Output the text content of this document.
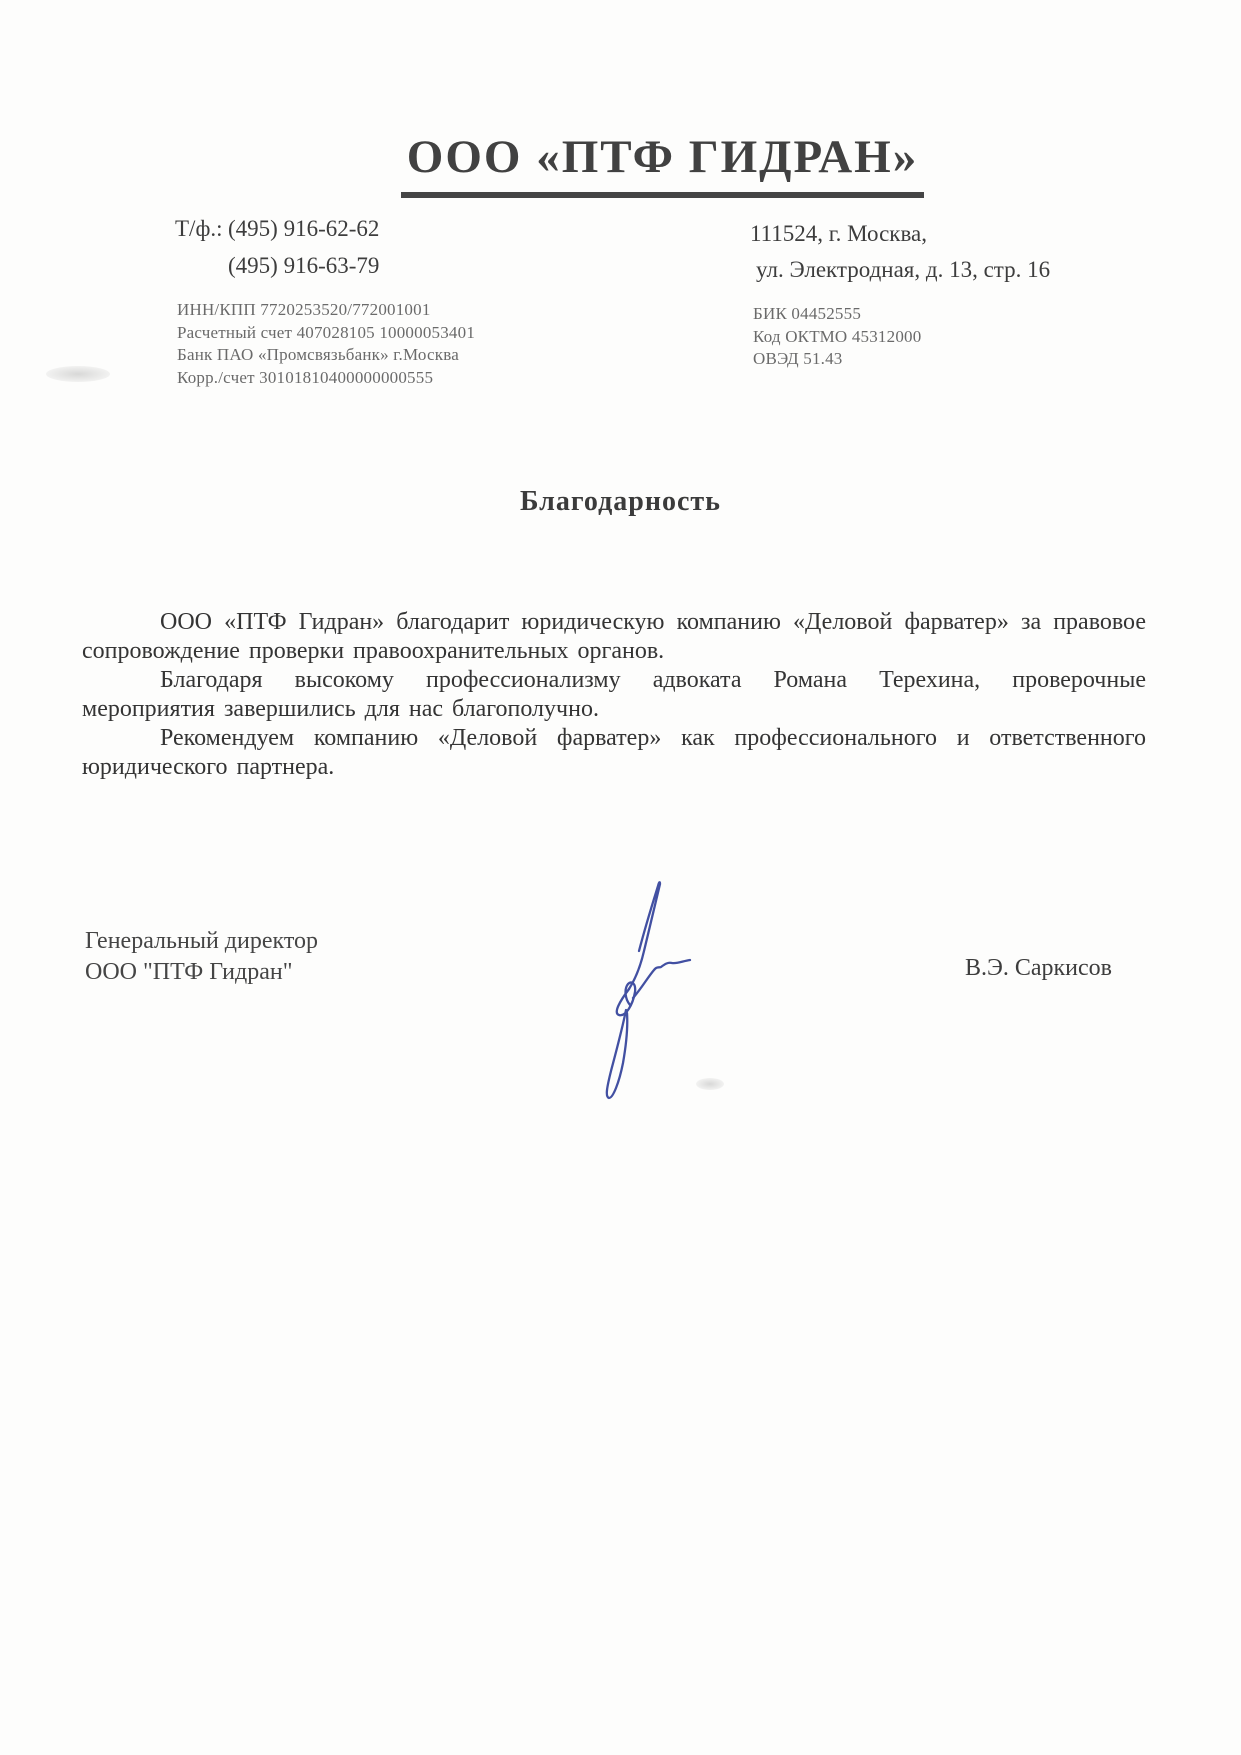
ООО «ПТФ ГИДРАН»
Т/ф.: (495) 916-62-62
(495) 916-63-79
111524, г. Москва,
ул. Электродная, д. 13, стр. 16
ИНН/КПП 7720253520/772001001
Расчетный счет 407028105 10000053401
Банк ПАО «Промсвязьбанк» г.Москва
Корр./счет 30101810400000000555
БИК 04452555
Код ОКТМО 45312000
ОВЭД 51.43
Благодарность

ООО «ПТФ Гидран» благодарит юридическую компанию «Деловой фарватер» за правовое сопровождение проверки правоохранительных органов.

Благодаря высокому профессионализму адвоката Романа Терехина, проверочные мероприятия завершились для нас благополучно.

Рекомендуем компанию «Деловой фарватер» как профессионального и ответственного юридического партнера.

Генеральный директор
ООО "ПТФ Гидран"	В.Э. Саркисов
